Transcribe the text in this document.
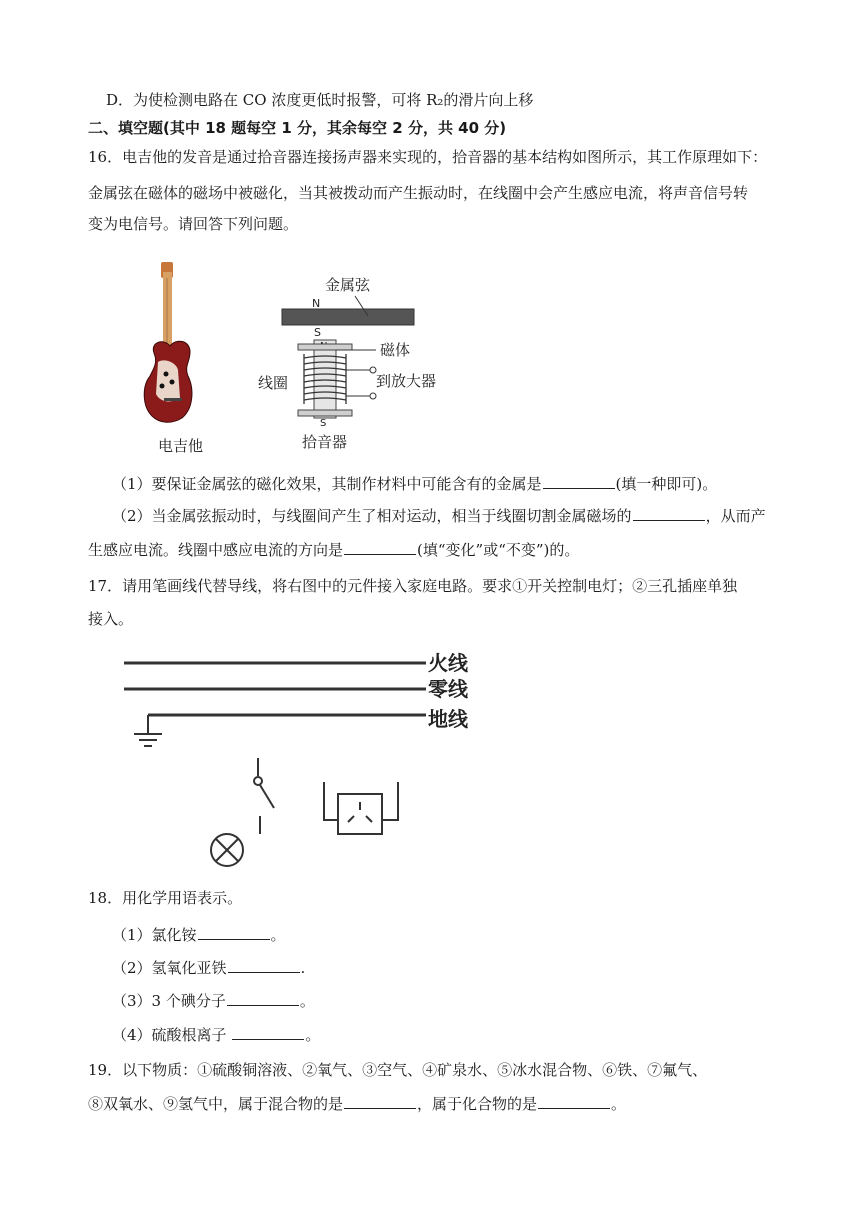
D．为使检测电路在 CO 浓度更低时报警，可将 R₂的滑片向上移
二、填空题(其中 18 题每空 1 分，其余每空 2 分，共 40 分)
16．电吉他的发音是通过拾音器连接扬声器来实现的，拾音器的基本结构如图所示，其工作原理如下：
金属弦在磁体的磁场中被磁化，当其被拨动而产生振动时，在线圈中会产生感应电流，将声音信号转
变为电信号。请回答下列问题。
电吉他
金属弦
N
S
S
磁体
到放大器
线圈
拾音器
（1）要保证金属弦的磁化效果，其制作材料中可能含有的金属是	(填一种即可)。
（2）当金属弦振动时，与线圈间产生了相对运动，相当于线圈切割金属磁场的	，从而产
生感应电流。线圈中感应电流的方向是	(填“变化”或“不变”)的。
17．请用笔画线代替导线，将右图中的元件接入家庭电路。要求①开关控制电灯；②三孔插座单独
接入。
火线
零线
地线
18．用化学用语表示。
（1）氯化铵	。
（2）氢氧化亚铁	.
（3）3 个碘分子	。
（4）硫酸根离子	。
19．以下物质：①硫酸铜溶液、②氧气、③空气、④矿泉水、⑤冰水混合物、⑥铁、⑦氟气、
⑧双氧水、⑨氢气中，属于混合物的是	，属于化合物的是	。
